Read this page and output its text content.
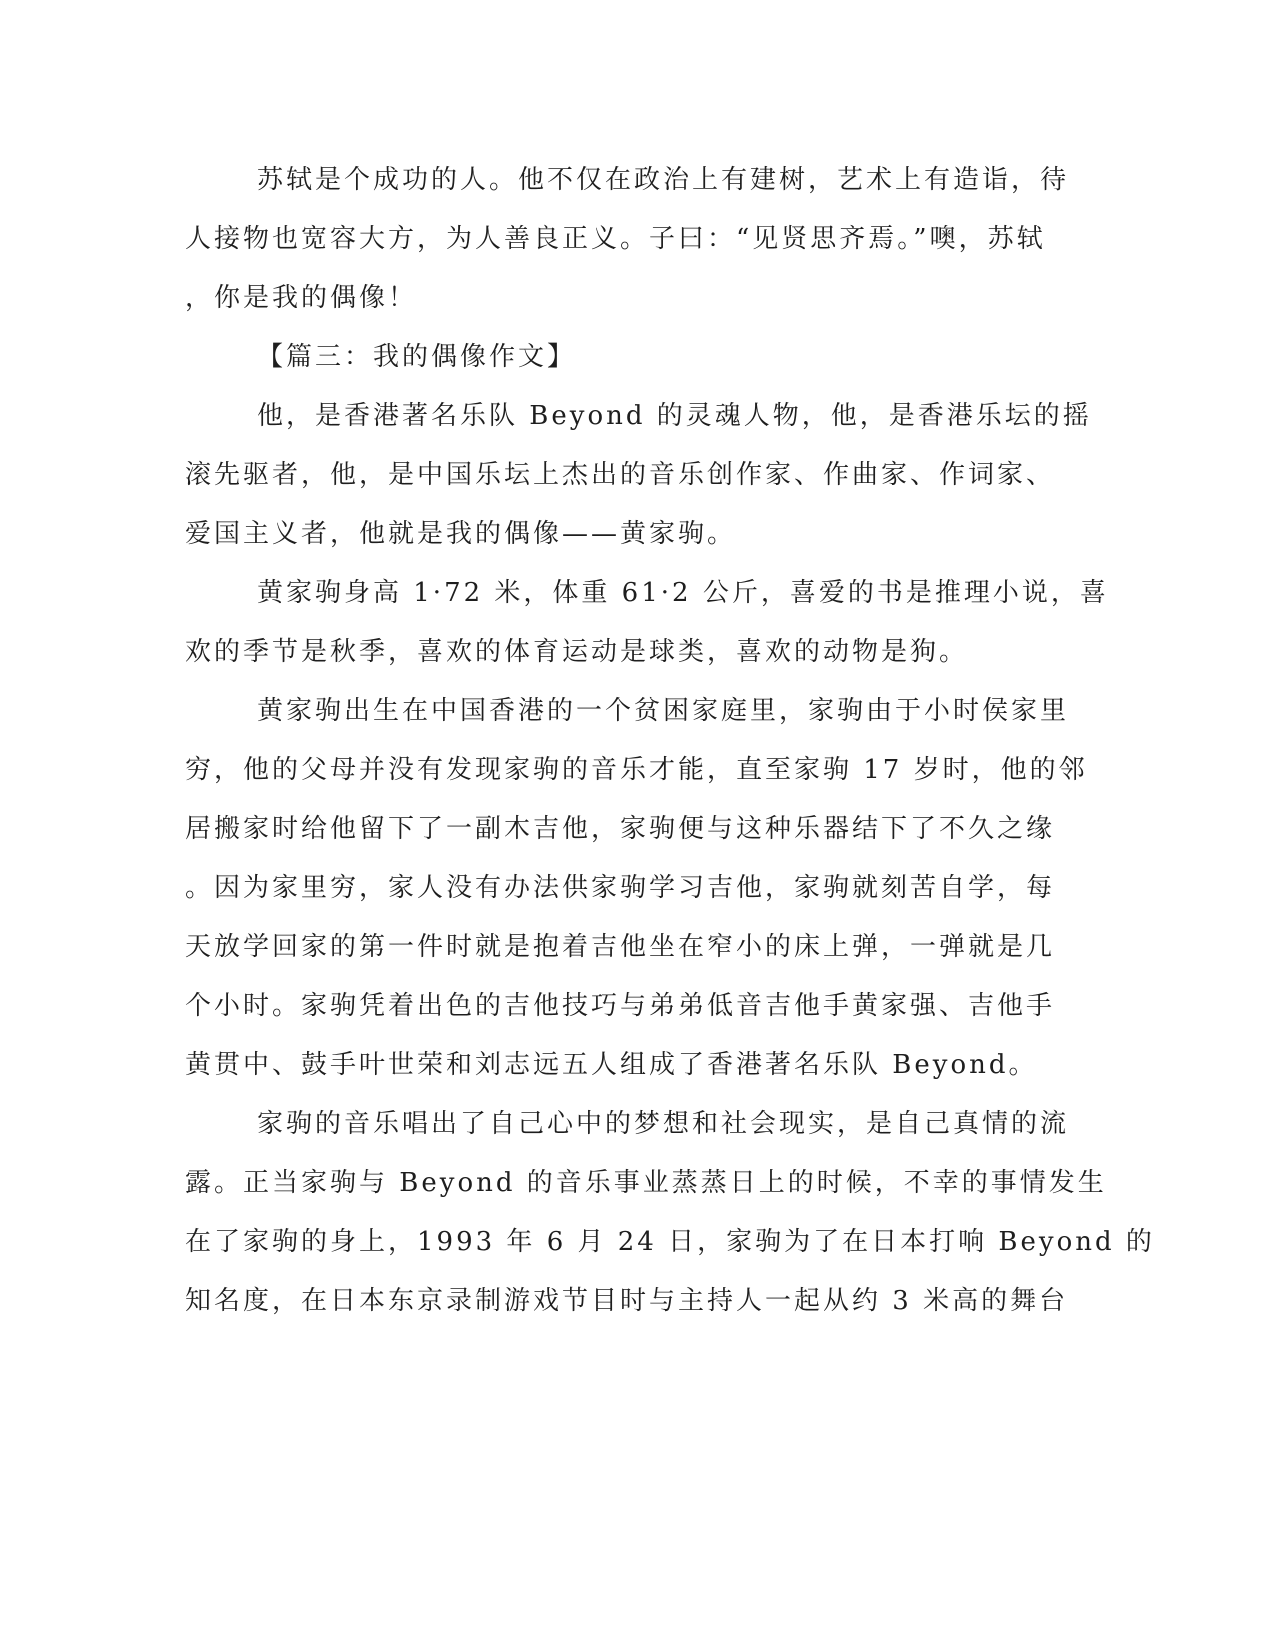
苏轼是个成功的人。他不仅在政治上有建树，艺术上有造诣，待
人接物也宽容大方，为人善良正义。子曰：“见贤思齐焉。”噢，苏轼
，你是我的偶像！
【篇三：我的偶像作文】
他，是香港著名乐队 Beyond 的灵魂人物，他，是香港乐坛的摇
滚先驱者，他，是中国乐坛上杰出的音乐创作家、作曲家、作词家、
爱国主义者，他就是我的偶像——黄家驹。
黄家驹身高 1·72 米，体重 61·2 公斤，喜爱的书是推理小说，喜
欢的季节是秋季，喜欢的体育运动是球类，喜欢的动物是狗。
黄家驹出生在中国香港的一个贫困家庭里，家驹由于小时侯家里
穷，他的父母并没有发现家驹的音乐才能，直至家驹 17 岁时，他的邻
居搬家时给他留下了一副木吉他，家驹便与这种乐器结下了不久之缘
。因为家里穷，家人没有办法供家驹学习吉他，家驹就刻苦自学，每
天放学回家的第一件时就是抱着吉他坐在窄小的床上弹，一弹就是几
个小时。家驹凭着出色的吉他技巧与弟弟低音吉他手黄家强、吉他手
黄贯中、鼓手叶世荣和刘志远五人组成了香港著名乐队 Beyond。
家驹的音乐唱出了自己心中的梦想和社会现实，是自己真情的流
露。正当家驹与 Beyond 的音乐事业蒸蒸日上的时候，不幸的事情发生
在了家驹的身上，1993 年 6 月 24 日，家驹为了在日本打响 Beyond 的
知名度，在日本东京录制游戏节目时与主持人一起从约 3 米高的舞台
